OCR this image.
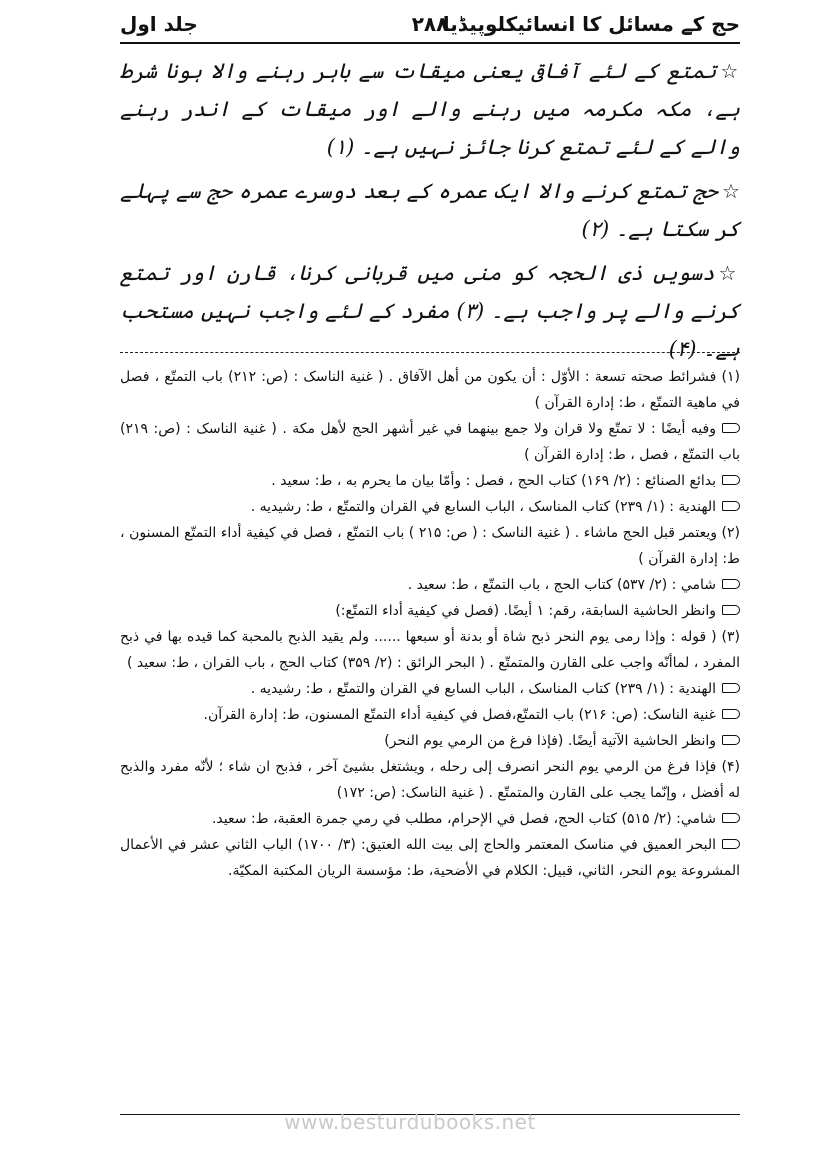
حج کے مسائل کا انسائیکلوپیڈیا
۲۸۸
جلد اول

☆تمتع کے لئے آفاقی یعنی میقات سے باہر رہنے والا ہونا شرط ہے، مکہ مکرمہ میں رہنے والے اور میقات کے اندر رہنے والے کے لئے تمتع کرنا جائز نہیں ہے۔ (۱)

☆حج تمتع کرنے والا ایک عمرہ کے بعد دوسرے عمرہ حج سے پہلے کر سکتا ہے۔ (۲)

☆دسویں ذی الحجہ کو منی میں قربانی کرنا، قارن اور تمتع کرنے والے پر واجب ہے۔ (۳) مفرد کے لئے واجب نہیں مستحب ہے۔ (۴)

(۱) فشرائط صحته تسعة : الأوّل : أن يكون من أهل الآفاق . ( غنية الناسک : (ص: ۲۱۲) باب التمتّع ، فصل في ماهية التمتّع ، ط: إدارة القرآن )

وفيه أيضًا : لا تمتّع ولا قران ولا جمع بينهما في غير أشهر الحج لأهل مكة . ( غنية الناسک : (ص: ۲۱۹) باب التمتّع ، فصل ، ط: إدارة القرآن )

بدائع الصنائع : (۲/ ۱۶۹) كتاب الحج ، فصل : وأمّا بيان ما يحرم به ، ط: سعيد .

الهندية : (۱/ ۲۳۹) كتاب المناسک ، الباب السابع في القران والتمتّع ، ط: رشيديه .

(۲) ويعتمر قبل الحج ماشاء . ( غنية الناسک : ( ص: ۲۱۵ ) باب التمتّع ، فصل في كيفية أداء التمتّع المسنون ، ط: إدارة القرآن )

شامي : (۲/ ۵۳۷) كتاب الحج ، باب التمتّع ، ط: سعيد .

وانظر الحاشية السابقة، رقم: ۱ أيضًا. (فصل في كيفية أداء التمتّع:)

(۳) ( قوله : وإذا رمى يوم النحر ذبح شاة أو بدنة أو سبعها ...... ولم يقيد الذبح بالمحبة كما قيده بها في ذبح المفرد ، لماأنّه واجب على القارن والمتمتّع . ( البحر الرائق : (۲/ ۳۵۹) كتاب الحج ، باب القران ، ط: سعيد )

الهندية : (۱/ ۲۳۹) كتاب المناسک ، الباب السابع في القران والتمتّع ، ط: رشيديه .

غنية الناسک: (ص: ۲۱۶) باب التمتّع،فصل في كيفية أداء التمتّع المسنون، ط: إدارة القرآن.

وانظر الحاشية الآتية أيضًا. (فإذا فرغ من الرمي يوم النحر)

(۴) فإذا فرغ من الرمي يوم النحر انصرف إلى رحله ، ويشتغل بشيئ آخر ، فذبح ان شاء ؛ لأنّه مفرد والذبح له أفضل ، وإنّما يجب على القارن والمتمتّع . ( غنية الناسک: (ص: ۱۷۲)

شامي: (۲/ ۵۱۵) كتاب الحج، فصل في الإحرام، مطلب في رمي جمرة العقبة، ط: سعيد.

البحر العميق في مناسک المعتمر والحاج إلى بيت الله العتيق: (۳/ ۱۷۰۰) الباب الثاني عشر في الأعمال المشروعة يوم النحر، الثاني، قبيل: الكلام في الأضحية، ط: مؤسسة الريان المكتبة المكيّة.

www.besturdubooks.net
